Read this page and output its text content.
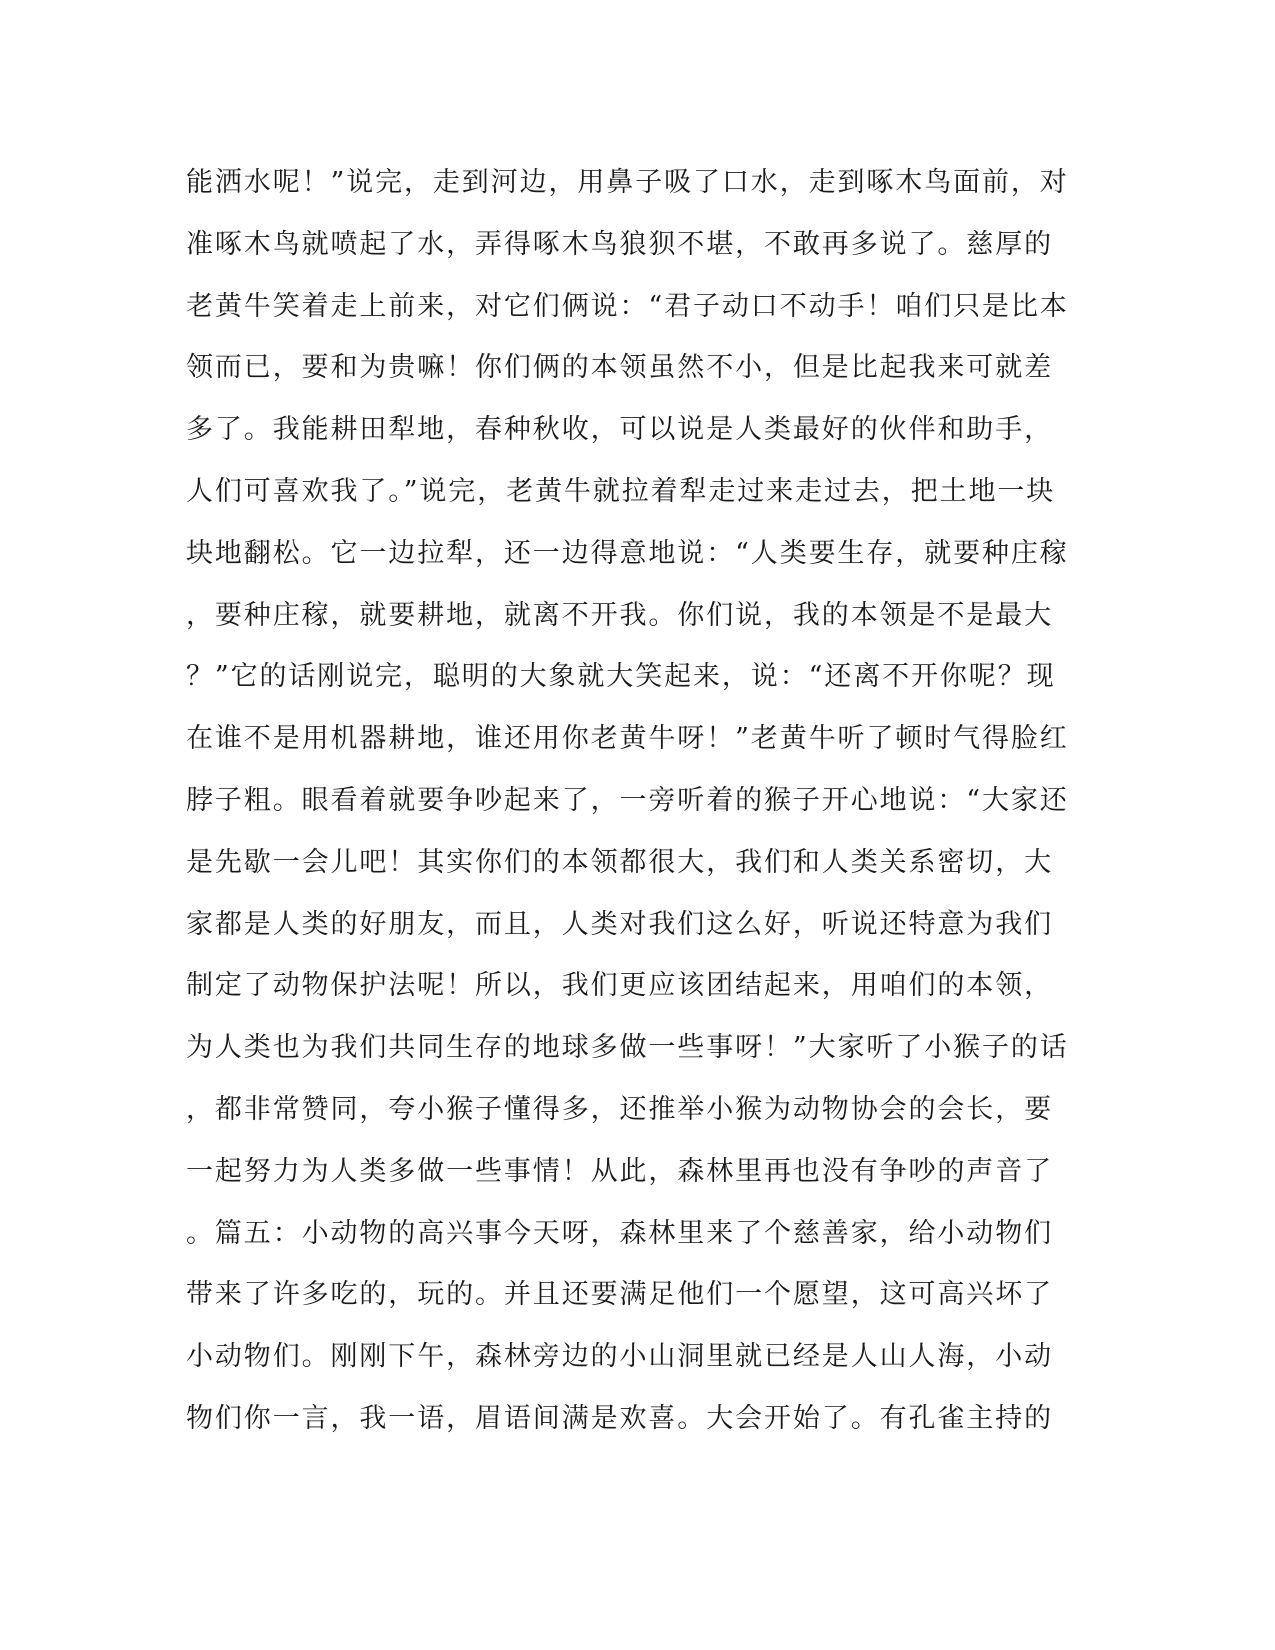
能洒水呢！”说完，走到河边，用鼻子吸了口水，走到啄木鸟面前，对
准啄木鸟就喷起了水，弄得啄木鸟狼狈不堪，不敢再多说了。慈厚的
老黄牛笑着走上前来，对它们俩说：“君子动口不动手！咱们只是比本
领而已，要和为贵嘛！你们俩的本领虽然不小，但是比起我来可就差
多了。我能耕田犁地，春种秋收，可以说是人类最好的伙伴和助手，
人们可喜欢我了。”说完，老黄牛就拉着犁走过来走过去，把土地一块
块地翻松。它一边拉犁，还一边得意地说：“人类要生存，就要种庄稼
，要种庄稼，就要耕地，就离不开我。你们说，我的本领是不是最大
？”它的话刚说完，聪明的大象就大笑起来，说：“还离不开你呢？现
在谁不是用机器耕地，谁还用你老黄牛呀！”老黄牛听了顿时气得脸红
脖子粗。眼看着就要争吵起来了，一旁听着的猴子开心地说：“大家还
是先歇一会儿吧！其实你们的本领都很大，我们和人类关系密切，大
家都是人类的好朋友，而且，人类对我们这么好，听说还特意为我们
制定了动物保护法呢！所以，我们更应该团结起来，用咱们的本领，
为人类也为我们共同生存的地球多做一些事呀！”大家听了小猴子的话
，都非常赞同，夸小猴子懂得多，还推举小猴为动物协会的会长，要
一起努力为人类多做一些事情！从此，森林里再也没有争吵的声音了
。篇五：小动物的高兴事今天呀，森林里来了个慈善家，给小动物们
带来了许多吃的，玩的。并且还要满足他们一个愿望，这可高兴坏了
小动物们。刚刚下午，森林旁边的小山洞里就已经是人山人海，小动
物们你一言，我一语，眉语间满是欢喜。大会开始了。有孔雀主持的
